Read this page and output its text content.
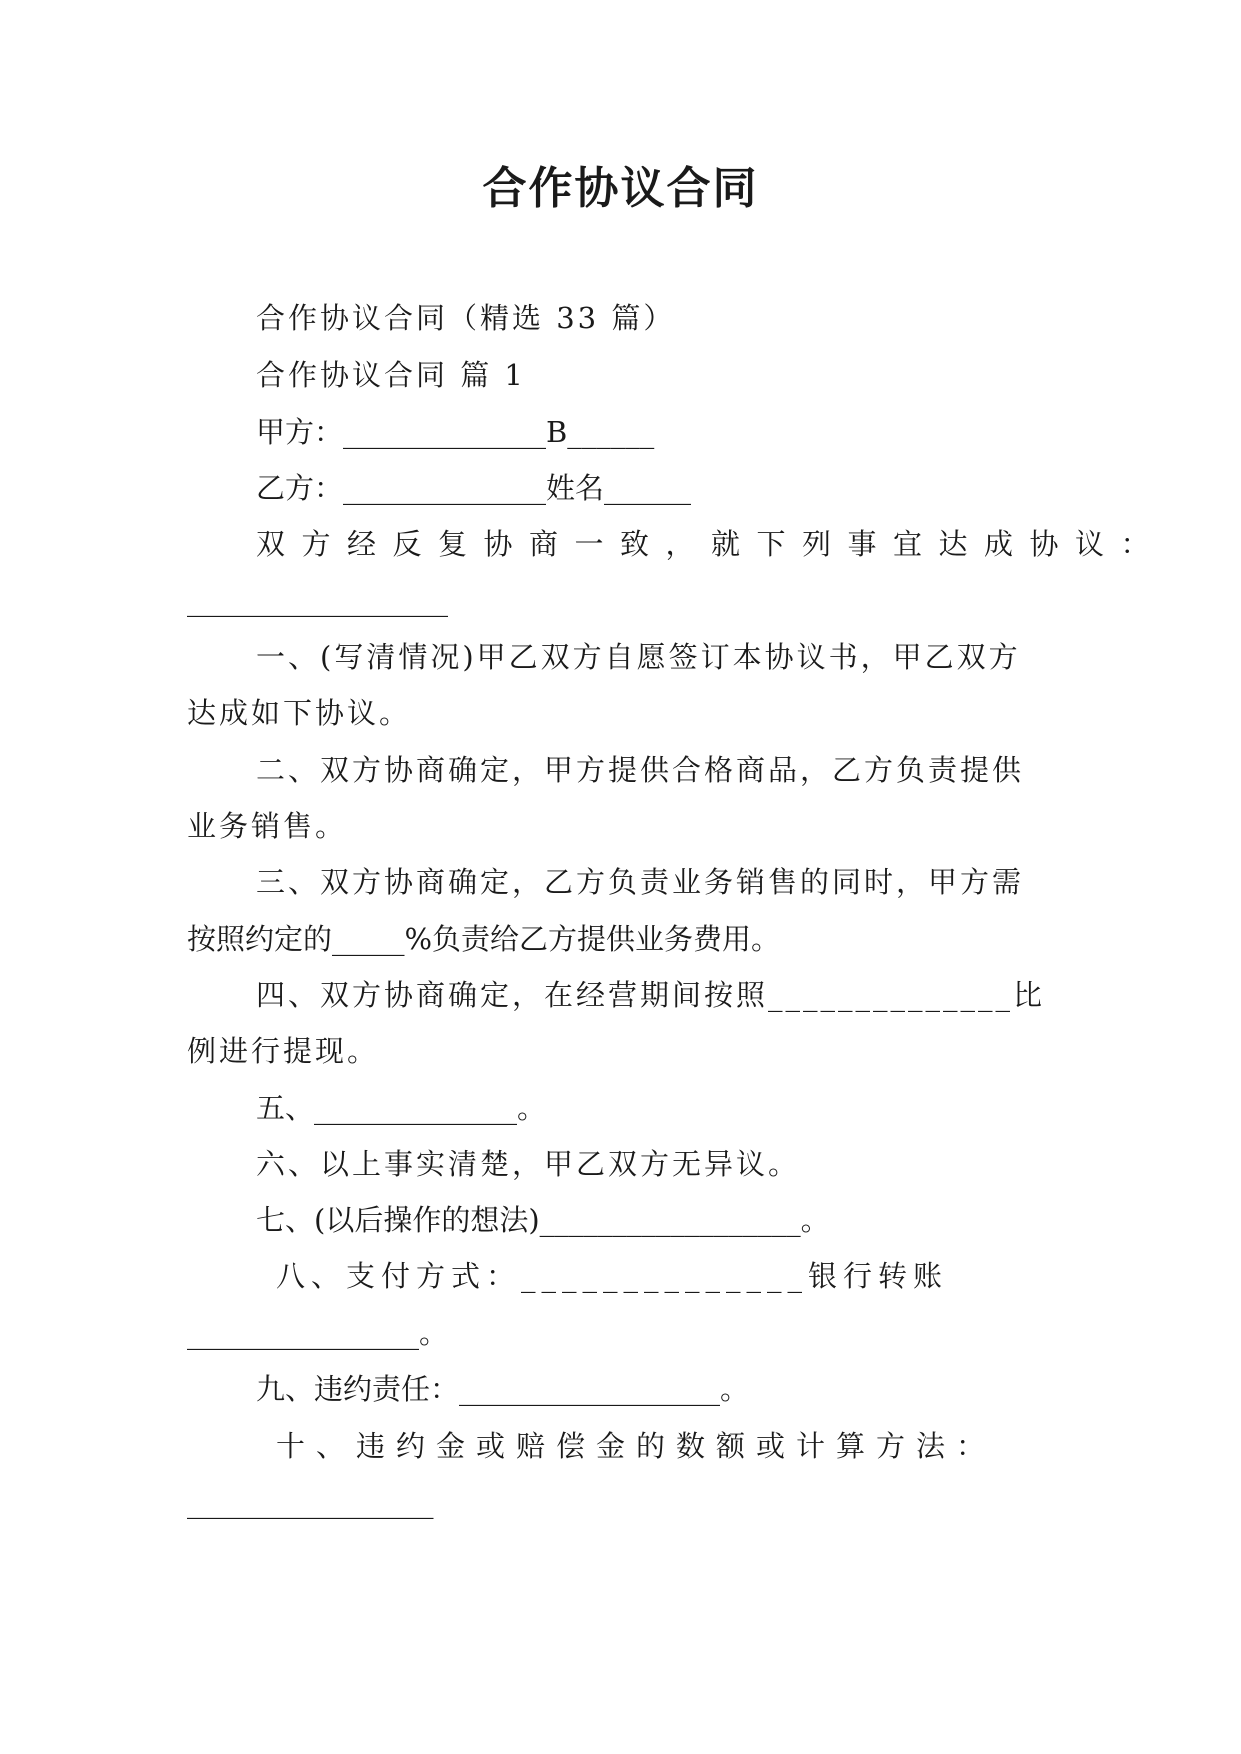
合作协议合同
合作协议合同（精选 33 篇）
合作协议合同 篇 1
甲方：______________B______
乙方：______________姓名______
双方经反复协商一致，就下列事宜达成协议：
__________________
一、(写清情况)甲乙双方自愿签订本协议书，甲乙双方
达成如下协议。
二、双方协商确定，甲方提供合格商品，乙方负责提供
业务销售。
三、双方协商确定，乙方负责业务销售的同时，甲方需
按照约定的_____%负责给乙方提供业务费用。
四、双方协商确定，在经营期间按照______________比
例进行提现。
五、______________。
六、以上事实清楚，甲乙双方无异议。
七、(以后操作的想法)__________________。
八、支付方式：______________银行转账
________________。
九、违约责任：__________________。
十、违约金或赔偿金的数额或计算方法：
_________________
